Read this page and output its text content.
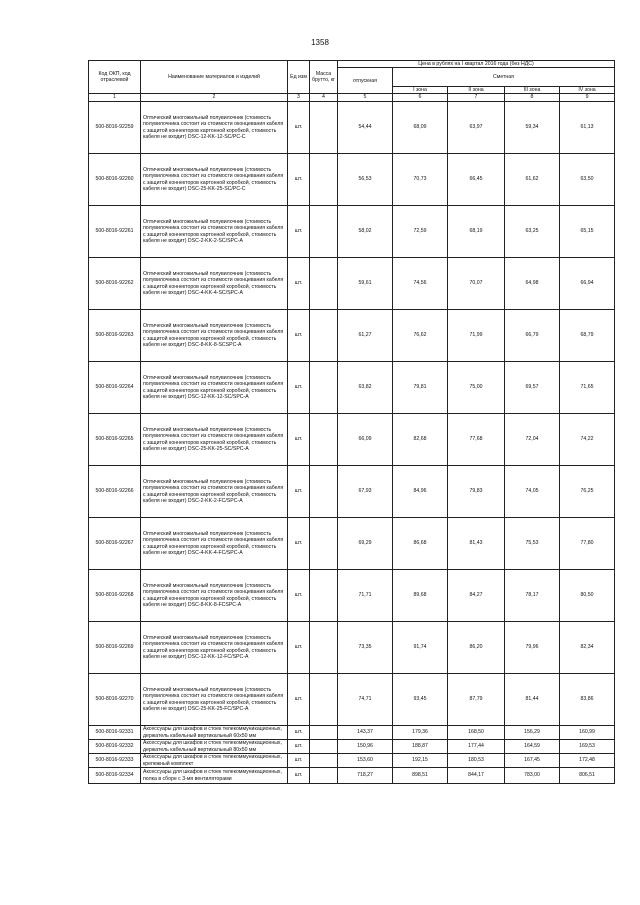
1358
Код ОКП, код отраслевой	Наименование материалов и изделий	Ед изм	Масса брутто, кг	Цена в рублях на I квартал 2016 года (без НДС)				
				отпускная	Сметная			
					I зона	II зона	III зона	IV зона
1	2	3	4	5	6	7	8	9
500-8016-92259	Оптический многожильный полувилочник (стоимость полувилочника состоит из стоимости оконцевания кабеля с защитой коннекторов картонной коробкой, стоимость кабеля не входит) DSC-12-KK-12-SC/PC-C	шт.		54,44	68,09	63,97	59,34	61,13
500-8016-92260	Оптический многожильный полувилочник (стоимость полувилочника состоит из стоимости оконцевания кабеля с защитой коннекторов картонной коробкой, стоимость кабеля не входит) DSC-25-KK-25-SC/PC-C	шт.		56,53	70,73	66,45	61,62	63,50
500-8016-92261	Оптический многожильный полувилочник (стоимость полувилочника состоит из стоимости оконцевания кабеля с защитой коннекторов картонной коробкой, стоимость кабеля не входит) DSC-2-KK-2-SC/SPC-A	шт.		58,02	72,59	68,19	63,25	65,15
500-8016-92262	Оптический многожильный полувилочник (стоимость полувилочника состоит из стоимости оконцевания кабеля с защитой коннекторов картонной коробкой, стоимость кабеля не входит) DSC-4-KK-4-SC/SPC-A	шт.		59,61	74,56	70,07	64,98	66,94
500-8016-92263	Оптический многожильный полувилочник (стоимость полувилочника состоит из стоимости оконцевания кабеля с защитой коннекторов картонной коробкой, стоимость кабеля не входит) DSC-8-KK-8-SCSPC-A	шт.		61,27	76,62	71,99	66,79	68,79
500-8016-92264	Оптический многожильный полувилочник (стоимость полувилочника состоит из стоимости оконцевания кабеля с защитой коннекторов картонной коробкой, стоимость кабеля не входит) DSC-12-KK-12-SC/SPC-A	шт.		63,82	79,81	75,00	69,57	71,65
500-8016-92265	Оптический многожильный полувилочник (стоимость полувилочника состоит из стоимости оконцевания кабеля с защитой коннекторов картонной коробкой, стоимость кабеля не входит) DSC-25-KK-25-SC/SPC-A	шт.		66,09	82,68	77,68	72,04	74,22
500-8016-92266	Оптический многожильный полувилочник (стоимость полувилочника состоит из стоимости оконцевания кабеля с защитой коннекторов картонной коробкой, стоимость кабеля не входит) DSC-2-KK-2-FC/SPC-A	шт.		67,93	84,96	79,83	74,05	76,25
500-8016-92267	Оптический многожильный полувилочник (стоимость полувилочника состоит из стоимости оконцевания кабеля с защитой коннекторов картонной коробкой, стоимость кабеля не входит) DSC-4-KK-4-FC/SPC-A	шт.		69,29	86,68	81,43	75,53	77,80
500-8016-92268	Оптический многожильный полувилочник (стоимость полувилочника состоит из стоимости оконцевания кабеля с защитой коннекторов картонной коробкой, стоимость кабеля не входит) DSC-8-KK-8-FCSPC-A	шт.		71,71	89,68	84,27	78,17	80,50
500-8016-92269	Оптический многожильный полувилочник (стоимость полувилочника состоит из стоимости оконцевания кабеля с защитой коннекторов картонной коробкой, стоимость кабеля не входит) DSC-12-KK-12-FC/SPC-A	шт.		73,35	91,74	86,20	79,96	82,34
500-8016-92270	Оптический многожильный полувилочник (стоимость полувилочника состоит из стоимости оконцевания кабеля с защитой коннекторов картонной коробкой, стоимость кабеля не входит) DSC-25-KK-25-FC/SPC-A	шт.		74,71	93,45	87,79	81,44	83,86
500-8016-92331	Аксессуары для шкафов и стоек телекоммуникационных, держатель кабельный вертикальный 60х50 мм	шт.		143,37	179,36	168,50	156,29	160,99
500-8016-92332	Аксессуары для шкафов и стоек телекоммуникационных, держатель кабельный вертикальный 80х50 мм	шт.		150,96	188,87	177,44	164,59	169,53
500-8016-92333	Аксессуары для шкафов и стоек телекоммуникационных, крепежный комплект	шт.		153,60	192,15	180,53	167,45	172,48
500-8016-92334	Аксессуары для шкафов и стоек телекоммуникационных, полка в сборе с 3-мя вентиляторами	шт.		718,27	898,51	844,17	783,00	806,51
